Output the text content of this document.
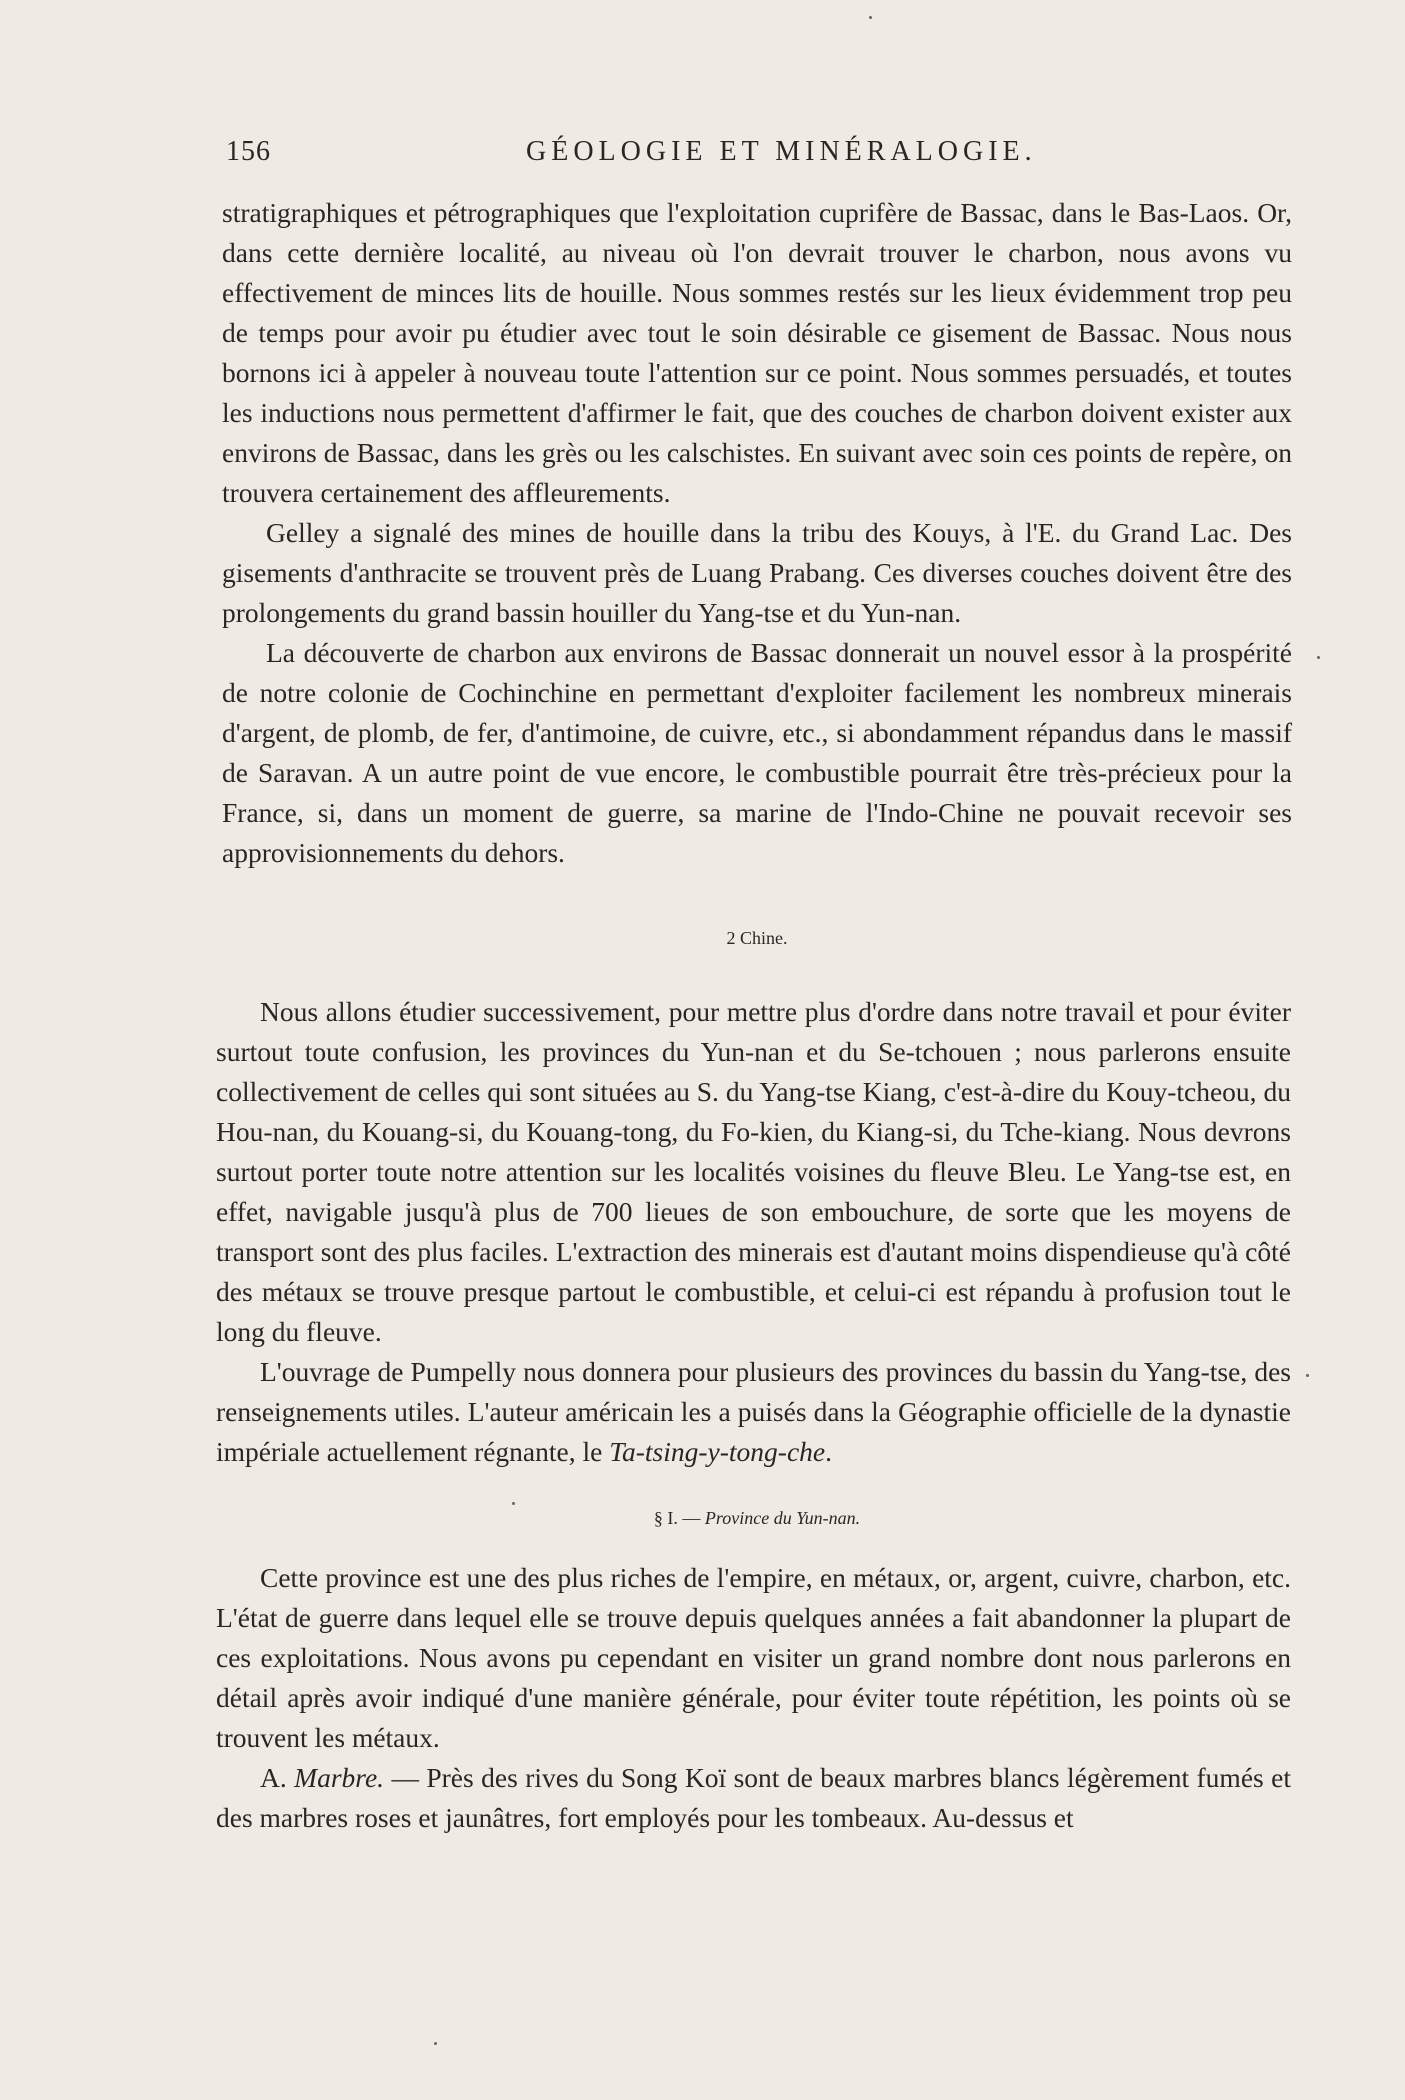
156	GÉOLOGIE ET MINÉRALOGIE.

stratigraphiques et pétrographiques que l'exploitation cuprifère de Bassac, dans le Bas-Laos. Or, dans cette dernière localité, au niveau où l'on devrait trouver le charbon, nous avons vu effectivement de minces lits de houille. Nous sommes restés sur les lieux évidemment trop peu de temps pour avoir pu étudier avec tout le soin désirable ce gisement de Bassac. Nous nous bornons ici à appeler à nouveau toute l'attention sur ce point. Nous sommes persuadés, et toutes les inductions nous permettent d'affirmer le fait, que des couches de charbon doivent exister aux environs de Bassac, dans les grès ou les calschistes. En suivant avec soin ces points de repère, on trouvera certainement des affleurements.

Gelley a signalé des mines de houille dans la tribu des Kouys, à l'E. du Grand Lac. Des gisements d'anthracite se trouvent près de Luang Prabang. Ces diverses couches doivent être des prolongements du grand bassin houiller du Yang-tse et du Yun-nan.

La découverte de charbon aux environs de Bassac donnerait un nouvel essor à la prospérité de notre colonie de Cochinchine en permettant d'exploiter facilement les nombreux minerais d'argent, de plomb, de fer, d'antimoine, de cuivre, etc., si abondamment répandus dans le massif de Saravan. A un autre point de vue encore, le combustible pourrait être très-précieux pour la France, si, dans un moment de guerre, sa marine de l'Indo-Chine ne pouvait recevoir ses approvisionnements du dehors.

2 Chine.

Nous allons étudier successivement, pour mettre plus d'ordre dans notre travail et pour éviter surtout toute confusion, les provinces du Yun-nan et du Se-tchouen ; nous parlerons ensuite collectivement de celles qui sont situées au S. du Yang-tse Kiang, c'est-à-dire du Kouy-tcheou, du Hou-nan, du Kouang-si, du Kouang-tong, du Fo-kien, du Kiang-si, du Tche-kiang. Nous devrons surtout porter toute notre attention sur les localités voisines du fleuve Bleu. Le Yang-tse est, en effet, navigable jusqu'à plus de 700 lieues de son embouchure, de sorte que les moyens de transport sont des plus faciles. L'extraction des minerais est d'autant moins dispendieuse qu'à côté des métaux se trouve presque partout le combustible, et celui-ci est répandu à profusion tout le long du fleuve.

L'ouvrage de Pumpelly nous donnera pour plusieurs des provinces du bassin du Yang-tse, des renseignements utiles. L'auteur américain les a puisés dans la Géographie officielle de la dynastie impériale actuellement régnante, le Ta-tsing-y-tong-che.

§ I. — Province du Yun-nan.

Cette province est une des plus riches de l'empire, en métaux, or, argent, cuivre, charbon, etc. L'état de guerre dans lequel elle se trouve depuis quelques années a fait abandonner la plupart de ces exploitations. Nous avons pu cependant en visiter un grand nombre dont nous parlerons en détail après avoir indiqué d'une manière générale, pour éviter toute répétition, les points où se trouvent les métaux.

A. Marbre. — Près des rives du Song Koï sont de beaux marbres blancs légèrement fumés et des marbres roses et jaunâtres, fort employés pour les tombeaux. Au-dessus et
